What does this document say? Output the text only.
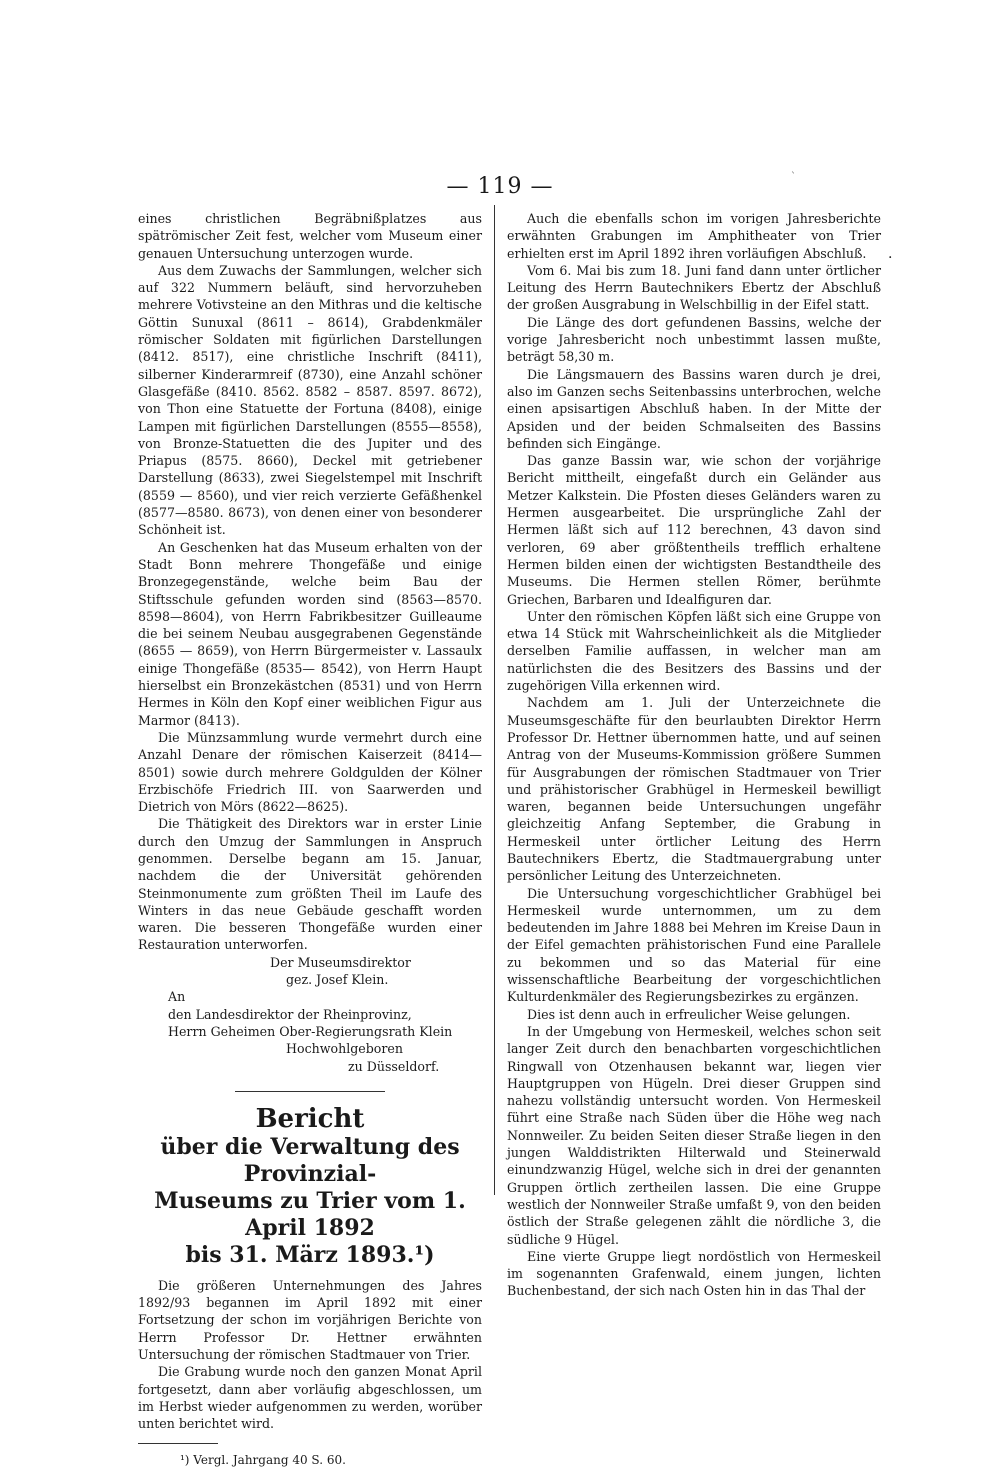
— 119 —	ˋ
.

eines christlichen Begräbnißplatzes aus spätrömischer Zeit fest, welcher vom Museum einer genauen Untersuchung unterzogen wurde.

Aus dem Zuwachs der Sammlungen, welcher sich auf 322 Nummern beläuft, sind hervorzuheben mehrere Votivsteine an den Mithras und die keltische Göttin Sunuxal (8611 – 8614), Grabdenkmäler römischer Soldaten mit figürlichen Darstellungen (8412. 8517), eine christliche Inschrift (8411), silberner Kinderarmreif (8730), eine Anzahl schöner Glasgefäße (8410. 8562. 8582 – 8587. 8597. 8672), von Thon eine Statuette der Fortuna (8408), einige Lampen mit figürlichen Darstellungen (8555—8558), von Bronze-Statuetten die des Jupiter und des Priapus (8575. 8660), Deckel mit getriebener Darstellung (8633), zwei Siegelstempel mit Inschrift (8559 — 8560), und vier reich verzierte Gefäßhenkel (8577—8580. 8673), von denen einer von besonderer Schönheit ist.

An Geschenken hat das Museum erhalten von der Stadt Bonn mehrere Thongefäße und einige Bronzegegenstände, welche beim Bau der Stiftsschule gefunden worden sind (8563—8570. 8598—8604), von Herrn Fabrikbesitzer Guilleaume die bei seinem Neubau ausgegrabenen Gegenstände (8655 — 8659), von Herrn Bürgermeister v. Lassaulx einige Thongefäße (8535— 8542), von Herrn Haupt hierselbst ein Bronzekästchen (8531) und von Herrn Hermes in Köln den Kopf einer weiblichen Figur aus Marmor (8413).

Die Münzsammlung wurde vermehrt durch eine Anzahl Denare der römischen Kaiserzeit (8414—8501) sowie durch mehrere Goldgulden der Kölner Erzbischöfe Friedrich III. von Saarwerden und Dietrich von Mörs (8622—8625).

Die Thätigkeit des Direktors war in erster Linie durch den Umzug der Sammlungen in Anspruch genommen. Derselbe begann am 15. Januar, nachdem die der Universität gehörenden Steinmonumente zum größten Theil im Laufe des Winters in das neue Gebäude geschafft worden waren. Die besseren Thongefäße wurden einer Restauration unterworfen.

Der Museumsdirektor

gez. Josef Klein.

An

den Landesdirektor der Rheinprovinz,

Herrn Geheimen Ober-Regierungsrath Klein

Hochwohlgeboren

zu Düsseldorf.

Bericht
über die Verwaltung des Provinzial-
Museums zu Trier vom 1. April 1892
bis 31. März 1893.¹)

Die größeren Unternehmungen des Jahres 1892/93 begannen im April 1892 mit einer Fortsetzung der schon im vorjährigen Berichte von Herrn Professor Dr. Hettner erwähnten Untersuchung der römischen Stadtmauer von Trier.

Die Grabung wurde noch den ganzen Monat April fortgesetzt, dann aber vorläufig abgeschlossen, um im Herbst wieder aufgenommen zu werden, worüber unten berichtet wird.

¹) Vergl. Jahrgang 40 S. 60.

Auch die ebenfalls schon im vorigen Jahresberichte erwähnten Grabungen im Amphitheater von Trier erhielten erst im April 1892 ihren vorläufigen Abschluß.

Vom 6. Mai bis zum 18. Juni fand dann unter örtlicher Leitung des Herrn Bautechnikers Ebertz der Abschluß der großen Ausgrabung in Welschbillig in der Eifel statt.

Die Länge des dort gefundenen Bassins, welche der vorige Jahresbericht noch unbestimmt lassen mußte, beträgt 58,30 m.

Die Längsmauern des Bassins waren durch je drei, also im Ganzen sechs Seitenbassins unterbrochen, welche einen apsisartigen Abschluß haben. In der Mitte der Apsiden und der beiden Schmalseiten des Bassins befinden sich Eingänge.

Das ganze Bassin war, wie schon der vorjährige Bericht mittheilt, eingefaßt durch ein Geländer aus Metzer Kalkstein. Die Pfosten dieses Geländers waren zu Hermen ausgearbeitet. Die ursprüngliche Zahl der Hermen läßt sich auf 112 berechnen, 43 davon sind verloren, 69 aber größtentheils trefflich erhaltene Hermen bilden einen der wichtigsten Bestandtheile des Museums. Die Hermen stellen Römer, berühmte Griechen, Barbaren und Idealfiguren dar.

Unter den römischen Köpfen läßt sich eine Gruppe von etwa 14 Stück mit Wahrscheinlichkeit als die Mitglieder derselben Familie auffassen, in welcher man am natürlichsten die des Besitzers des Bassins und der zugehörigen Villa erkennen wird.

Nachdem am 1. Juli der Unterzeichnete die Museumsgeschäfte für den beurlaubten Direktor Herrn Professor Dr. Hettner übernommen hatte, und auf seinen Antrag von der Museums-Kommission größere Summen für Ausgrabungen der römischen Stadtmauer von Trier und prähistorischer Grabhügel in Hermeskeil bewilligt waren, begannen beide Untersuchungen ungefähr gleichzeitig Anfang September, die Grabung in Hermeskeil unter örtlicher Leitung des Herrn Bautechnikers Ebertz, die Stadtmauergrabung unter persönlicher Leitung des Unterzeichneten.

Die Untersuchung vorgeschichtlicher Grabhügel bei Hermeskeil wurde unternommen, um zu dem bedeutenden im Jahre 1888 bei Mehren im Kreise Daun in der Eifel gemachten prähistorischen Fund eine Parallele zu bekommen und so das Material für eine wissenschaftliche Bearbeitung der vorgeschichtlichen Kulturdenkmäler des Regierungsbezirkes zu ergänzen.

Dies ist denn auch in erfreulicher Weise gelungen.

In der Umgebung von Hermeskeil, welches schon seit langer Zeit durch den benachbarten vorgeschichtlichen Ringwall von Otzenhausen bekannt war, liegen vier Hauptgruppen von Hügeln. Drei dieser Gruppen sind nahezu vollständig untersucht worden. Von Hermeskeil führt eine Straße nach Süden über die Höhe weg nach Nonnweiler. Zu beiden Seiten dieser Straße liegen in den jungen Walddistrikten Hilterwald und Steinerwald einundzwanzig Hügel, welche sich in drei der genannten Gruppen örtlich zertheilen lassen. Die eine Gruppe westlich der Nonnweiler Straße umfaßt 9, von den beiden östlich der Straße gelegenen zählt die nördliche 3, die südliche 9 Hügel.

Eine vierte Gruppe liegt nordöstlich von Hermeskeil im sogenannten Grafenwald, einem jungen, lichten Buchenbestand, der sich nach Osten hin in das Thal der
